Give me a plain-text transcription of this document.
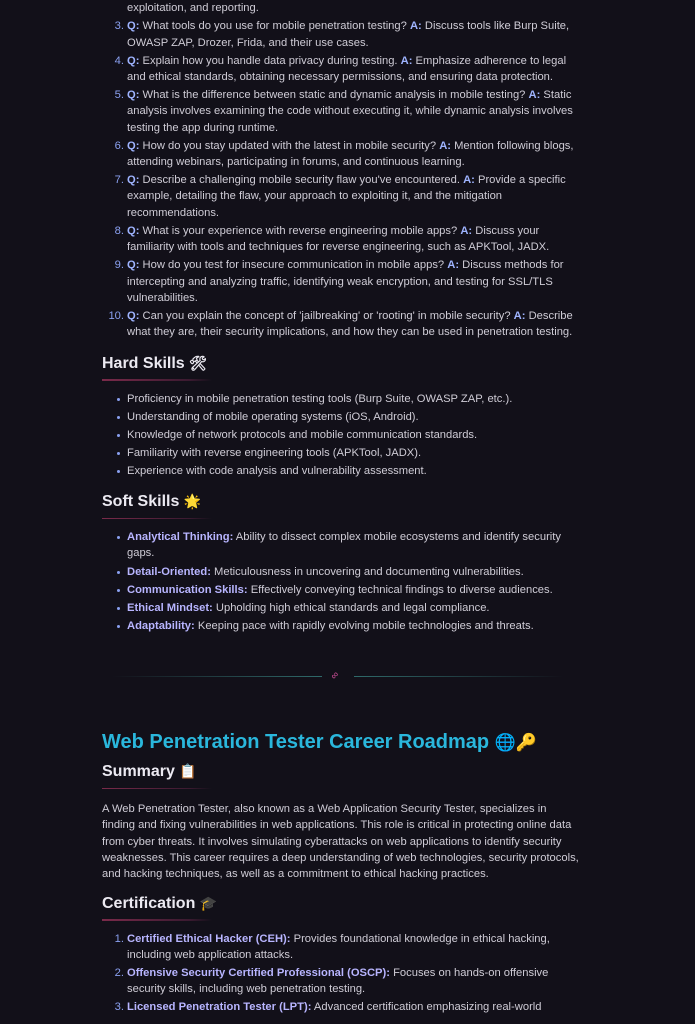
exploitation, and reporting.
3. Q: What tools do you use for mobile penetration testing? A: Discuss tools like Burp Suite, OWASP ZAP, Drozer, Frida, and their use cases.
4. Q: Explain how you handle data privacy during testing. A: Emphasize adherence to legal and ethical standards, obtaining necessary permissions, and ensuring data protection.
5. Q: What is the difference between static and dynamic analysis in mobile testing? A: Static analysis involves examining the code without executing it, while dynamic analysis involves testing the app during runtime.
6. Q: How do you stay updated with the latest in mobile security? A: Mention following blogs, attending webinars, participating in forums, and continuous learning.
7. Q: Describe a challenging mobile security flaw you've encountered. A: Provide a specific example, detailing the flaw, your approach to exploiting it, and the mitigation recommendations.
8. Q: What is your experience with reverse engineering mobile apps? A: Discuss your familiarity with tools and techniques for reverse engineering, such as APKTool, JADX.
9. Q: How do you test for insecure communication in mobile apps? A: Discuss methods for intercepting and analyzing traffic, identifying weak encryption, and testing for SSL/TLS vulnerabilities.
10. Q: Can you explain the concept of 'jailbreaking' or 'rooting' in mobile security? A: Describe what they are, their security implications, and how they can be used in penetration testing.
Hard Skills 🛠
Proficiency in mobile penetration testing tools (Burp Suite, OWASP ZAP, etc.).
Understanding of mobile operating systems (iOS, Android).
Knowledge of network protocols and mobile communication standards.
Familiarity with reverse engineering tools (APKTool, JADX).
Experience with code analysis and vulnerability assessment.
Soft Skills 🌟
Analytical Thinking: Ability to dissect complex mobile ecosystems and identify security gaps.
Detail-Oriented: Meticulousness in uncovering and documenting vulnerabilities.
Communication Skills: Effectively conveying technical findings to diverse audiences.
Ethical Mindset: Upholding high ethical standards and legal compliance.
Adaptability: Keeping pace with rapidly evolving mobile technologies and threats.
∞
Web Penetration Tester Career Roadmap 🌐🔑
Summary 📋

A Web Penetration Tester, also known as a Web Application Security Tester, specializes in finding and fixing vulnerabilities in web applications. This role is critical in protecting online data from cyber threats. It involves simulating cyberattacks on web applications to identify security weaknesses. This career requires a deep understanding of web technologies, security protocols, and hacking techniques, as well as a commitment to ethical hacking practices.

Certification 🎓
1. Certified Ethical Hacker (CEH): Provides foundational knowledge in ethical hacking, including web application attacks.
2. Offensive Security Certified Professional (OSCP): Focuses on hands-on offensive security skills, including web penetration testing.
3. Licensed Penetration Tester (LPT): Advanced certification emphasizing real-world
